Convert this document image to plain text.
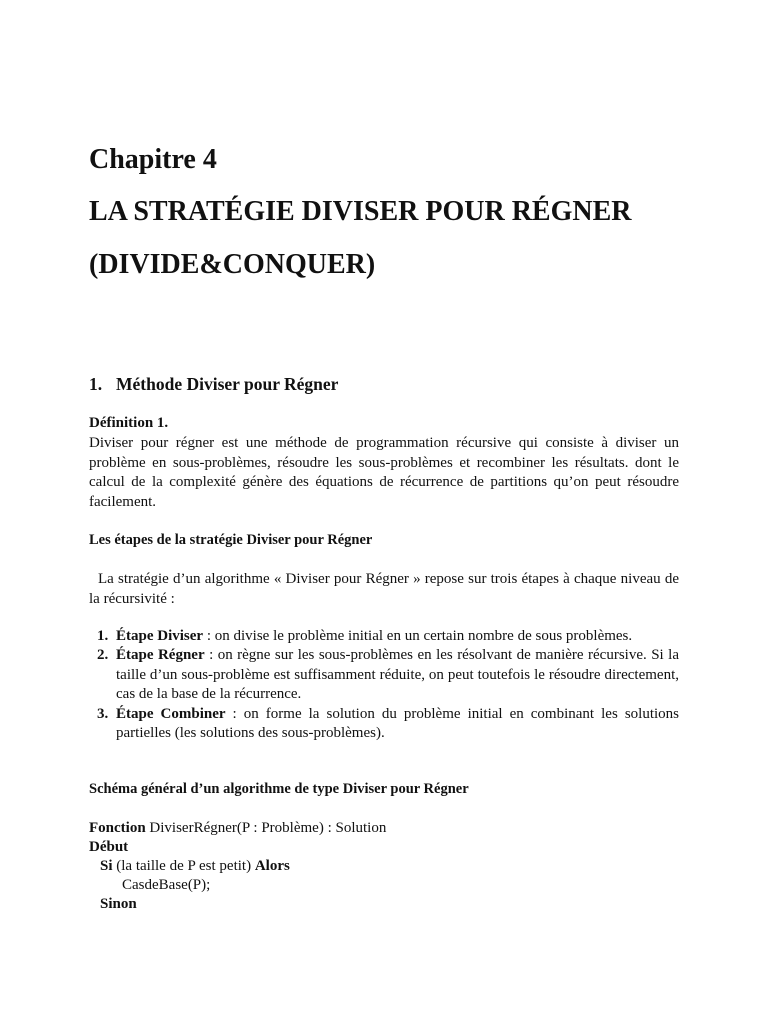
Chapitre 4
LA STRATÉGIE DIVISER POUR RÉGNER
(DIVIDE&CONQUER)
1. Méthode Diviser pour Régner

Définition 1.

Diviser pour régner est une méthode de programmation récursive qui consiste à diviser un problème en sous-problèmes, résoudre les sous-problèmes et recombiner les résultats. dont le calcul de la complexité génère des équations de récurrence de partitions qu’on peut résoudre facilement.

Les étapes de la stratégie Diviser pour Régner

La stratégie d’un algorithme « Diviser pour Régner » repose sur trois étapes à chaque niveau de la récursivité :

1. Étape Diviser : on divise le problème initial en un certain nombre de sous problèmes.
2. Étape Régner : on règne sur les sous-problèmes en les résolvant de manière récursive. Si la taille d’un sous-problème est suffisamment réduite, on peut toutefois le résoudre directement, cas de la base de la récurrence.
3. Étape Combiner : on forme la solution du problème initial en combinant les solutions partielles (les solutions des sous-problèmes).

Schéma général d’un algorithme de type Diviser pour Régner

Fonction DiviserRégner(P : Problème) : Solution
Début
Si (la taille de P est petit) Alors
CasdeBase(P);
Sinon
